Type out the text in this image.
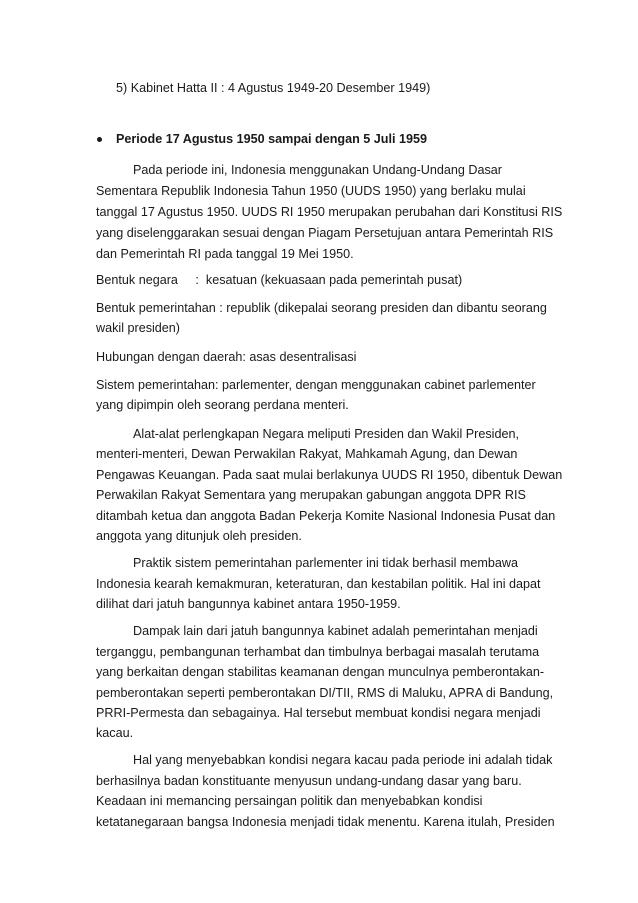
5) Kabinet Hatta II : 4 Agustus 1949-20 Desember 1949)
Periode 17 Agustus 1950 sampai dengan 5 Juli 1959
Pada periode ini, Indonesia menggunakan Undang-Undang Dasar
Sementara Republik Indonesia Tahun 1950 (UUDS 1950) yang berlaku mulai
tanggal 17 Agustus 1950. UUDS RI 1950 merupakan perubahan dari Konstitusi RIS
yang diselenggarakan sesuai dengan Piagam Persetujuan antara Pemerintah RIS
dan Pemerintah RI pada tanggal 19 Mei 1950.
Bentuk negara     :  kesatuan (kekuasaan pada pemerintah pusat)
Bentuk pemerintahan : republik (dikepalai seorang presiden dan dibantu seorang
wakil presiden)
Hubungan dengan daerah: asas desentralisasi
Sistem pemerintahan: parlementer, dengan menggunakan cabinet parlementer
yang dipimpin oleh seorang perdana menteri.
Alat-alat perlengkapan Negara meliputi Presiden dan Wakil Presiden,
menteri-menteri, Dewan Perwakilan Rakyat, Mahkamah Agung, dan Dewan
Pengawas Keuangan. Pada saat mulai berlakunya UUDS RI 1950, dibentuk Dewan
Perwakilan Rakyat Sementara yang merupakan gabungan anggota DPR RIS
ditambah ketua dan anggota Badan Pekerja Komite Nasional Indonesia Pusat dan
anggota yang ditunjuk oleh presiden.
Praktik sistem pemerintahan parlementer ini tidak berhasil membawa
Indonesia kearah kemakmuran, keteraturan, dan kestabilan politik. Hal ini dapat
dilihat dari jatuh bangunnya kabinet antara 1950-1959.
Dampak lain dari jatuh bangunnya kabinet adalah pemerintahan menjadi
terganggu, pembangunan terhambat dan timbulnya berbagai masalah terutama
yang berkaitan dengan stabilitas keamanan dengan munculnya pemberontakan-
pemberontakan seperti pemberontakan DI/TII, RMS di Maluku, APRA di Bandung,
PRRI-Permesta dan sebagainya. Hal tersebut membuat kondisi negara menjadi
kacau.
Hal yang menyebabkan kondisi negara kacau pada periode ini adalah tidak
berhasilnya badan konstituante menyusun undang-undang dasar yang baru.
Keadaan ini memancing persaingan politik dan menyebabkan kondisi
ketatanegaraan bangsa Indonesia menjadi tidak menentu. Karena itulah, Presiden
